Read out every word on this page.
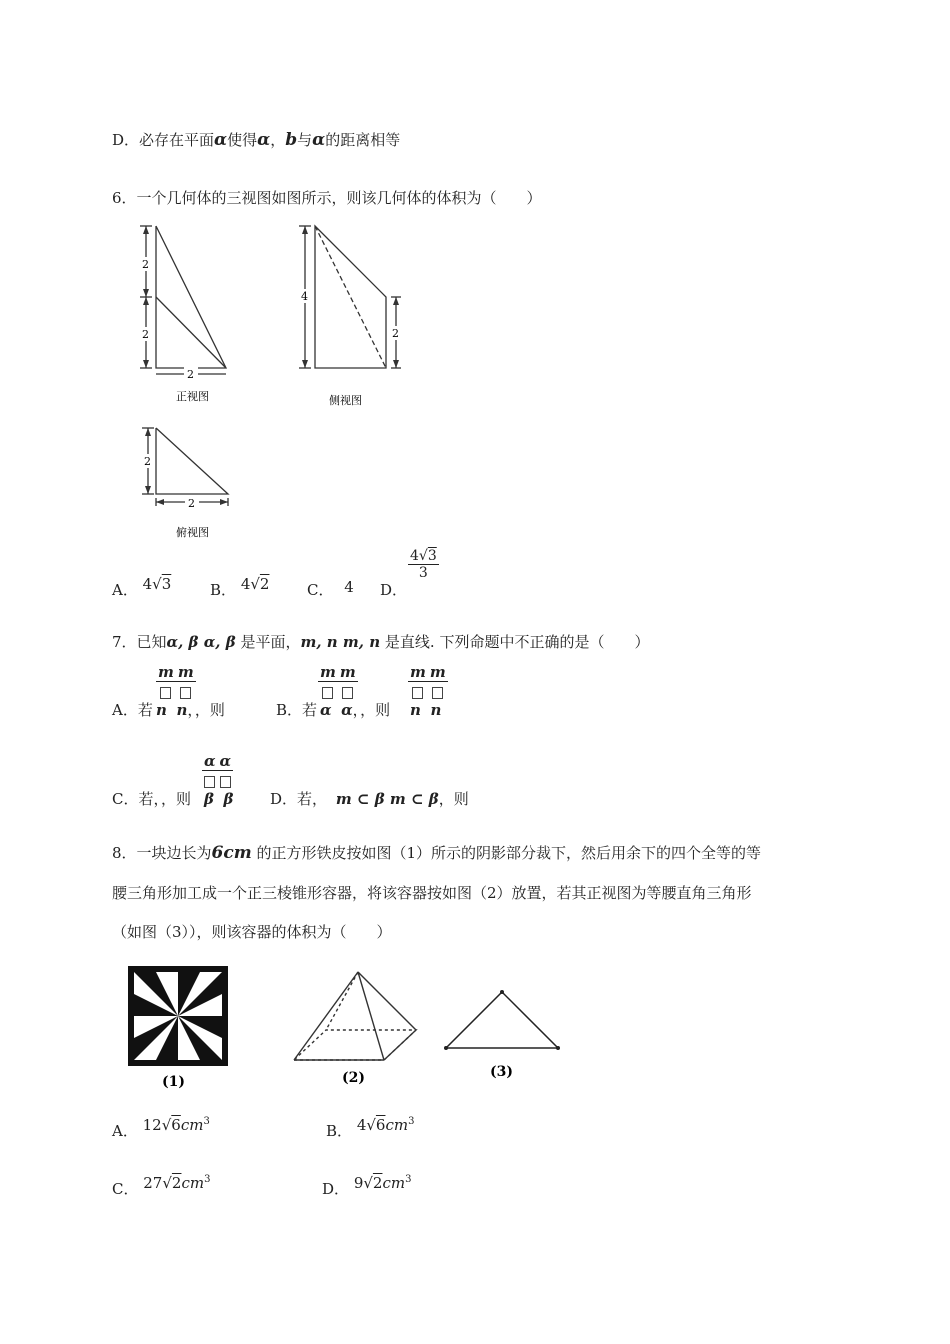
D．必存在平面α使得α，b与α的距离相等
6．一个几何体的三视图如图所示，则该几何体的体积为（　　）
2
2
2
正视图
4
2
侧视图
2
2
俯视图
A． 4√3	B． 4√2	C． 4 D．
$\frac{4√3}{3}$
7．已知α, β α, β 是平面，m, n m, n 是直线. 下列命题中不正确的是（　　）
A．若
m m
n n，，则	B．若
m m
α α，，则
m m
n n
C．若，，则
α α
β β D．若， m ⊂ β m ⊂ β，则
8．一块边长为6cm 的正方形铁皮按如图（1）所示的阴影部分裁下，然后用余下的四个全等的等
腰三角形加工成一个正三棱锥形容器，将该容器按如图（2）放置，若其正视图为等腰直角三角形
（如图（3）），则该容器的体积为（　　）
(1)	(2)	(3)
A． $12√6cm^3$
B． $4√6cm^3$
C． $27√2cm^3$
D． $9√2cm^3$
